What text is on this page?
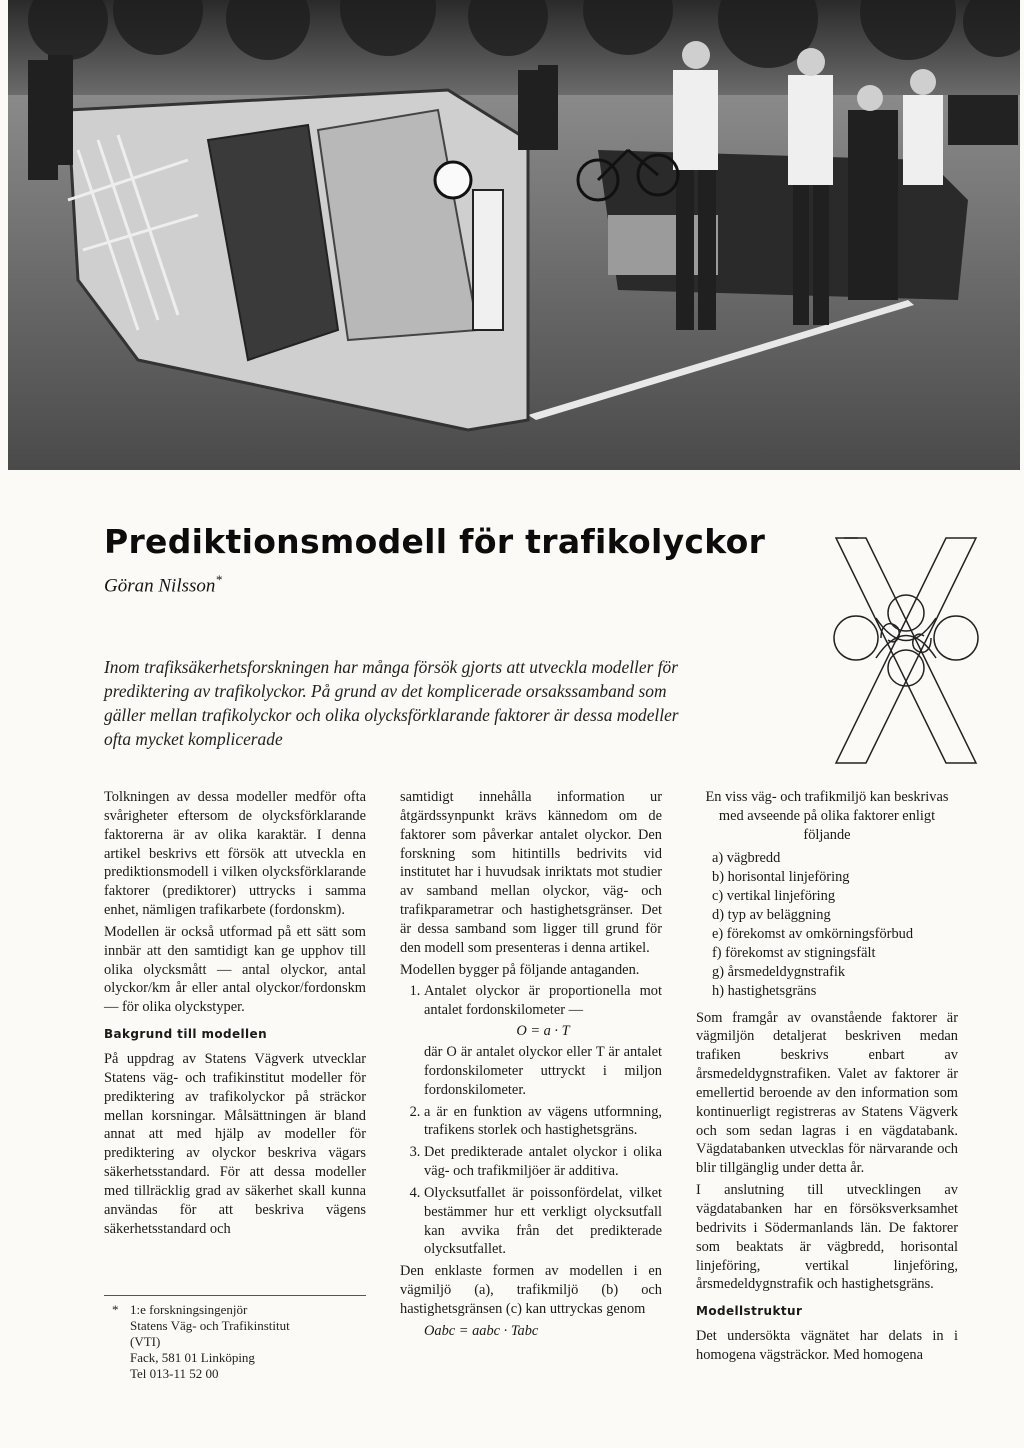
Prediktionsmodell för trafikolyckor
Göran Nilsson*
Inom trafiksäkerhetsforskningen har många försök gjorts att utveckla modeller för prediktering av trafikolyckor. På grund av det komplicerade orsakssamband som gäller mellan trafikolyckor och olika olycksförklarande faktorer är dessa modeller ofta mycket komplicerade

Tolkningen av dessa modeller medför ofta svårigheter eftersom de olycksförklarande faktorerna är av olika karaktär. I denna artikel beskrivs ett försök att utveckla en prediktionsmodell i vilken olycksförklarande faktorer (prediktorer) uttrycks i samma enhet, nämligen trafikarbete (fordonskm).

Modellen är också utformad på ett sätt som innbär att den samtidigt kan ge upphov till olika olycksmått — antal olyckor, antal olyckor/km år eller antal olyckor/fordonskm — för olika olyckstyper.

Bakgrund till modellen

På uppdrag av Statens Vägverk utvecklar Statens väg- och trafikinstitut modeller för prediktering av trafikolyckor på sträckor mellan korsningar. Målsättningen är bland annat att med hjälp av modeller för prediktering av olyckor beskriva vägars säkerhetsstandard. För att dessa modeller med tillräcklig grad av säkerhet skall kunna användas för att beskriva vägens säkerhetsstandard och

* 1:e forskningsingenjör
Statens Väg- och Trafikinstitut
(VTI)
Fack, 581 01 Linköping
Tel 013-11 52 00

samtidigt innehålla information ur åtgärdssynpunkt krävs kännedom om de faktorer som påverkar antalet olyckor. Den forskning som hitintills bedrivits vid institutet har i huvudsak inriktats mot studier av samband mellan olyckor, väg- och trafikparametrar och hastighetsgränser. Det är dessa samband som ligger till grund för den modell som presenteras i denna artikel.

Modellen bygger på följande antaganden.

1. Antalet olyckor är proportionella mot antalet fordonskilometer —
O = a · T
där O är antalet olyckor eller T är antalet fordonskilometer uttryckt i miljon fordonskilometer.
2. a är en funktion av vägens utformning, trafikens storlek och hastighetsgräns.
3. Det predikterade antalet olyckor i olika väg- och trafikmiljöer är additiva.
4. Olycksutfallet är poissonfördelat, vilket bestämmer hur ett verkligt olycksutfall kan avvika från det predikterade olycksutfallet.

Den enklaste formen av modellen i en vägmiljö (a), trafikmiljö (b) och hastighetsgränsen (c) kan uttryckas genom

Oabc = aabc · Tabc

En viss väg- och trafikmiljö kan beskrivas med avseende på olika faktorer enligt följande

a) vägbredd
b) horisontal linjeföring
c) vertikal linjeföring
d) typ av beläggning
e) förekomst av omkörningsförbud
f) förekomst av stigningsfält
g) årsmedeldygnstrafik
h) hastighetsgräns

Som framgår av ovanstående faktorer är vägmiljön detaljerat beskriven medan trafiken beskrivs enbart av årsmedeldygnstrafiken. Valet av faktorer är emellertid beroende av den information som kontinuerligt registreras av Statens Vägverk och som sedan lagras i en vägdatabank. Vägdatabanken utvecklas för närvarande och blir tillgänglig under detta år.

I anslutning till utvecklingen av vägdatabanken har en försöksverksamhet bedrivits i Södermanlands län. De faktorer som beaktats är vägbredd, horisontal linjeföring, vertikal linjeföring, årsmedeldygnstrafik och hastighetsgräns.

Modellstruktur

Det undersökta vägnätet har delats in i homogena vägsträckor. Med homogena
